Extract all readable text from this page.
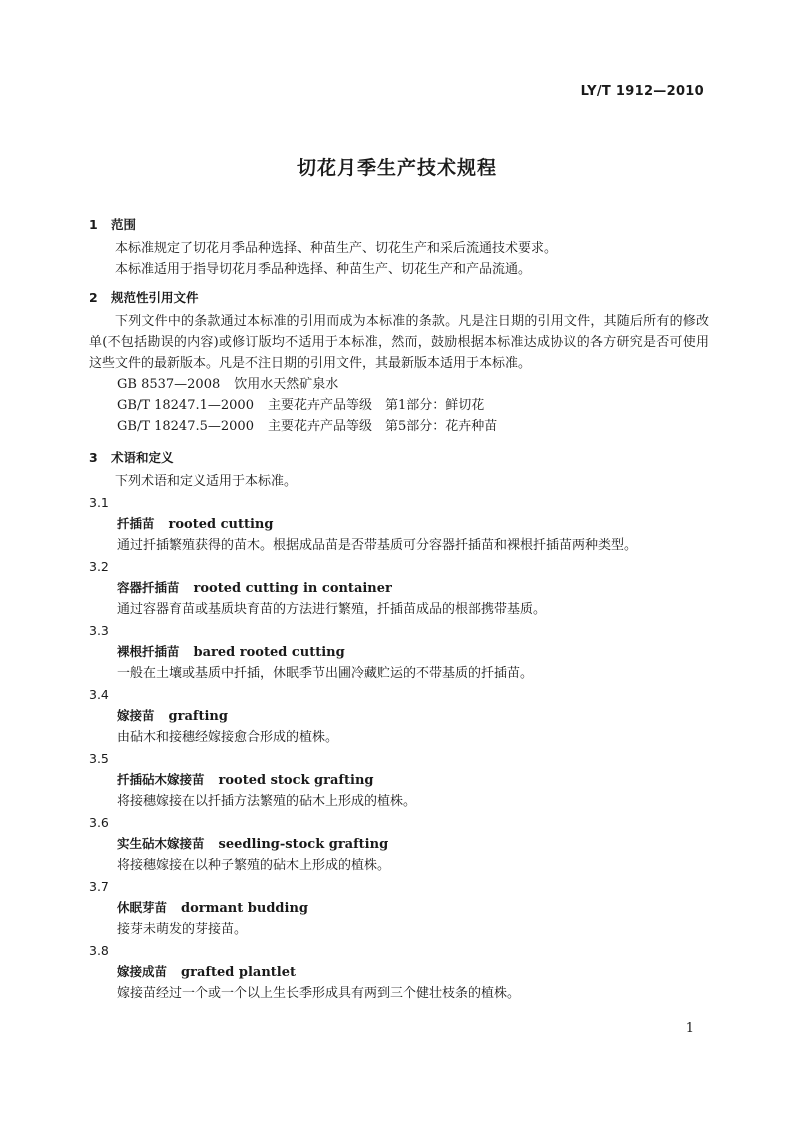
LY/T 1912—2010
切花月季生产技术规程
1 范围
本标准规定了切花月季品种选择、种苗生产、切花生产和采后流通技术要求。
本标准适用于指导切花月季品种选择、种苗生产、切花生产和产品流通。
2 规范性引用文件
下列文件中的条款通过本标准的引用而成为本标准的条款。凡是注日期的引用文件，其随后所有的修改单(不包括勘误的内容)或修订版均不适用于本标准，然而，鼓励根据本标准达成协议的各方研究是否可使用这些文件的最新版本。凡是不注日期的引用文件，其最新版本适用于本标准。
GB 8537—2008 饮用水天然矿泉水
GB/T 18247.1—2000 主要花卉产品等级　第1部分：鲜切花
GB/T 18247.5—2000 主要花卉产品等级　第5部分：花卉种苗
3 术语和定义
下列术语和定义适用于本标准。
3.1
扦插苗 rooted cutting
通过扦插繁殖获得的苗木。根据成品苗是否带基质可分容器扦插苗和裸根扦插苗两种类型。
3.2
容器扦插苗 rooted cutting in container
通过容器育苗或基质块育苗的方法进行繁殖，扦插苗成品的根部携带基质。
3.3
裸根扦插苗 bared rooted cutting
一般在土壤或基质中扦插，休眠季节出圃冷藏贮运的不带基质的扦插苗。
3.4
嫁接苗 grafting
由砧木和接穗经嫁接愈合形成的植株。
3.5
扦插砧木嫁接苗 rooted stock grafting
将接穗嫁接在以扦插方法繁殖的砧木上形成的植株。
3.6
实生砧木嫁接苗 seedling-stock grafting
将接穗嫁接在以种子繁殖的砧木上形成的植株。
3.7
休眠芽苗 dormant budding
接芽未萌发的芽接苗。
3.8
嫁接成苗 grafted plantlet
嫁接苗经过一个或一个以上生长季形成具有两到三个健壮枝条的植株。
1
